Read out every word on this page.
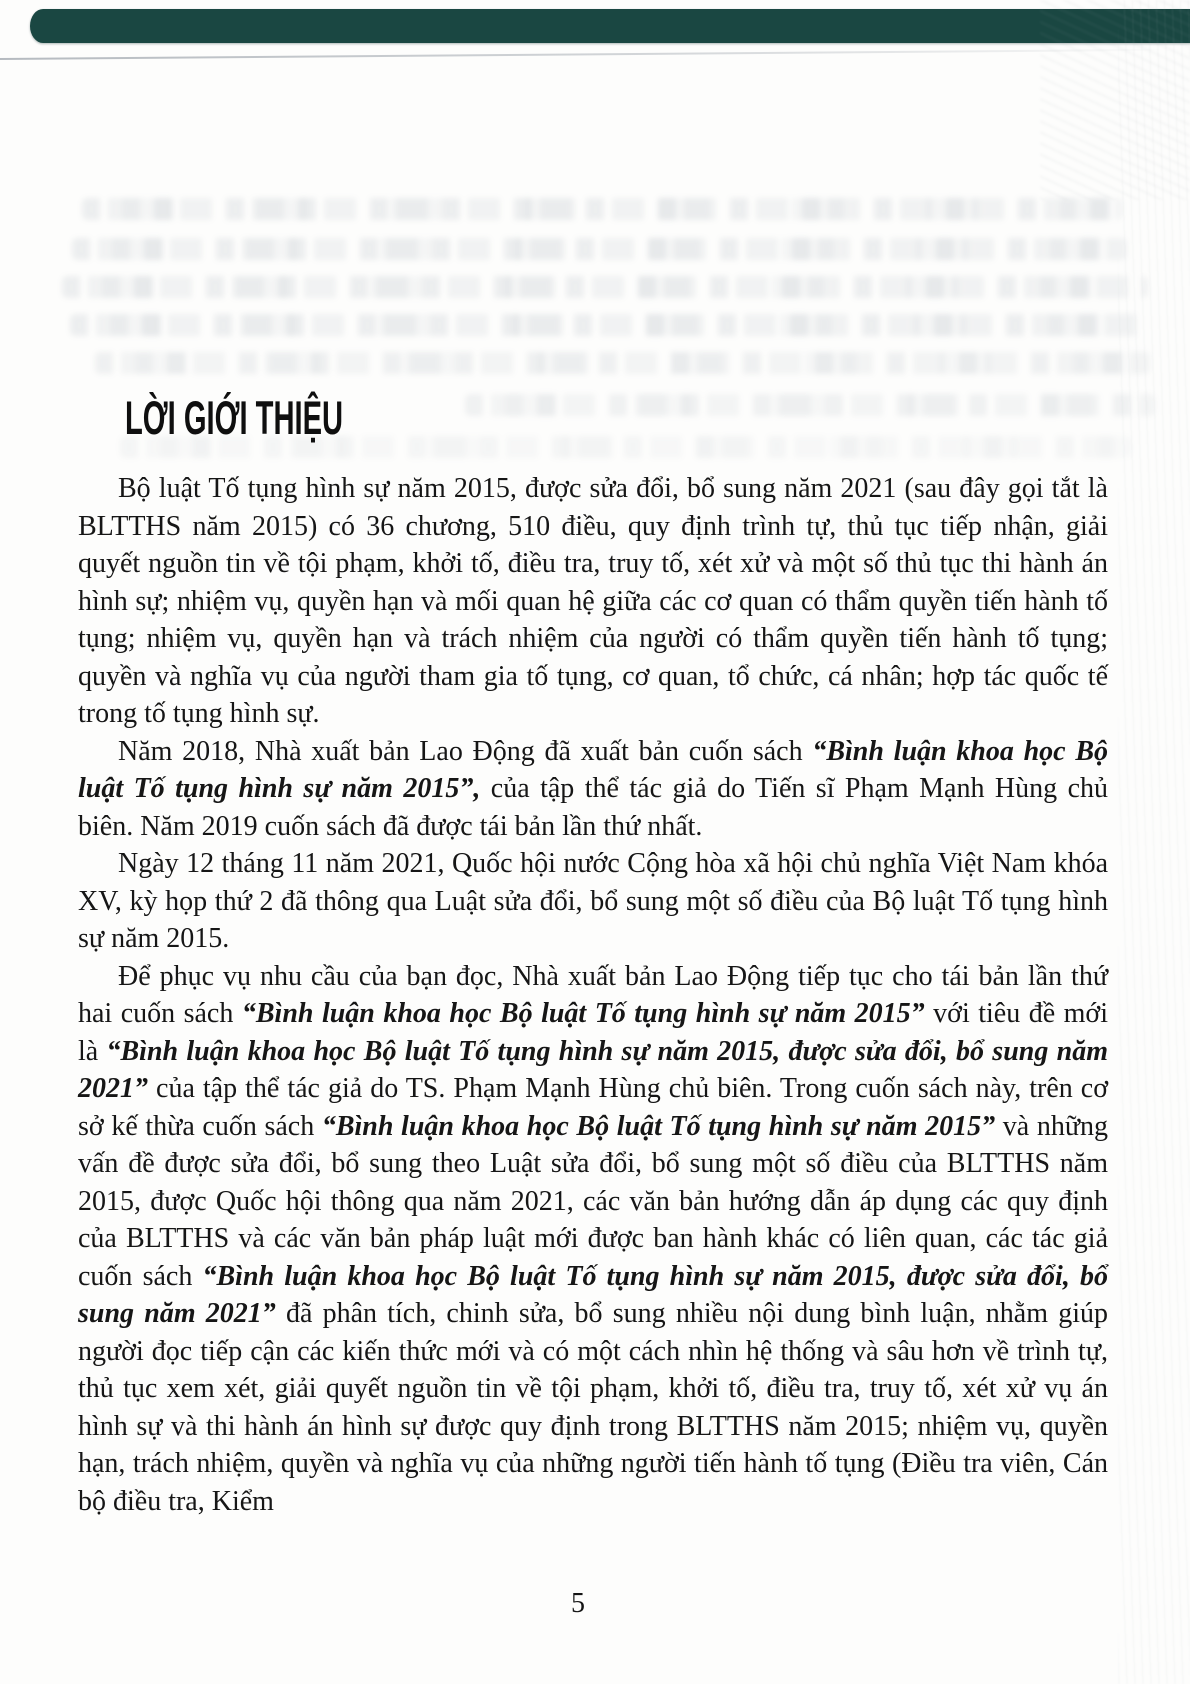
LỜI GIỚI THIỆU

Bộ luật Tố tụng hình sự năm 2015, được sửa đổi, bổ sung năm 2021 (sau đây gọi tắt là BLTTHS năm 2015) có 36 chương, 510 điều, quy định trình tự, thủ tục tiếp nhận, giải quyết nguồn tin về tội phạm, khởi tố, điều tra, truy tố, xét xử và một số thủ tục thi hành án hình sự; nhiệm vụ, quyền hạn và mối quan hệ giữa các cơ quan có thẩm quyền tiến hành tố tụng; nhiệm vụ, quyền hạn và trách nhiệm của người có thẩm quyền tiến hành tố tụng; quyền và nghĩa vụ của người tham gia tố tụng, cơ quan, tổ chức, cá nhân; hợp tác quốc tế trong tố tụng hình sự.

Năm 2018, Nhà xuất bản Lao Động đã xuất bản cuốn sách “Bình luận khoa học Bộ luật Tố tụng hình sự năm 2015”, của tập thể tác giả do Tiến sĩ Phạm Mạnh Hùng chủ biên. Năm 2019 cuốn sách đã được tái bản lần thứ nhất.

Ngày 12 tháng 11 năm 2021, Quốc hội nước Cộng hòa xã hội chủ nghĩa Việt Nam khóa XV, kỳ họp thứ 2 đã thông qua Luật sửa đổi, bổ sung một số điều của Bộ luật Tố tụng hình sự năm 2015.

Để phục vụ nhu cầu của bạn đọc, Nhà xuất bản Lao Động tiếp tục cho tái bản lần thứ hai cuốn sách “Bình luận khoa học Bộ luật Tố tụng hình sự năm 2015” với tiêu đề mới là “Bình luận khoa học Bộ luật Tố tụng hình sự năm 2015, được sửa đổi, bổ sung năm 2021” của tập thể tác giả do TS. Phạm Mạnh Hùng chủ biên. Trong cuốn sách này, trên cơ sở kế thừa cuốn sách “Bình luận khoa học Bộ luật Tố tụng hình sự năm 2015” và những vấn đề được sửa đổi, bổ sung theo Luật sửa đổi, bổ sung một số điều của BLTTHS năm 2015, được Quốc hội thông qua năm 2021, các văn bản hướng dẫn áp dụng các quy định của BLTTHS và các văn bản pháp luật mới được ban hành khác có liên quan, các tác giả cuốn sách “Bình luận khoa học Bộ luật Tố tụng hình sự năm 2015, được sửa đổi, bổ sung năm 2021” đã phân tích, chinh sửa, bổ sung nhiều nội dung bình luận, nhằm giúp người đọc tiếp cận các kiến thức mới và có một cách nhìn hệ thống và sâu hơn về trình tự, thủ tục xem xét, giải quyết nguồn tin về tội phạm, khởi tố, điều tra, truy tố, xét xử vụ án hình sự và thi hành án hình sự được quy định trong BLTTHS năm 2015; nhiệm vụ, quyền hạn, trách nhiệm, quyền và nghĩa vụ của những người tiến hành tố tụng (Điều tra viên, Cán bộ điều tra, Kiểm

5
